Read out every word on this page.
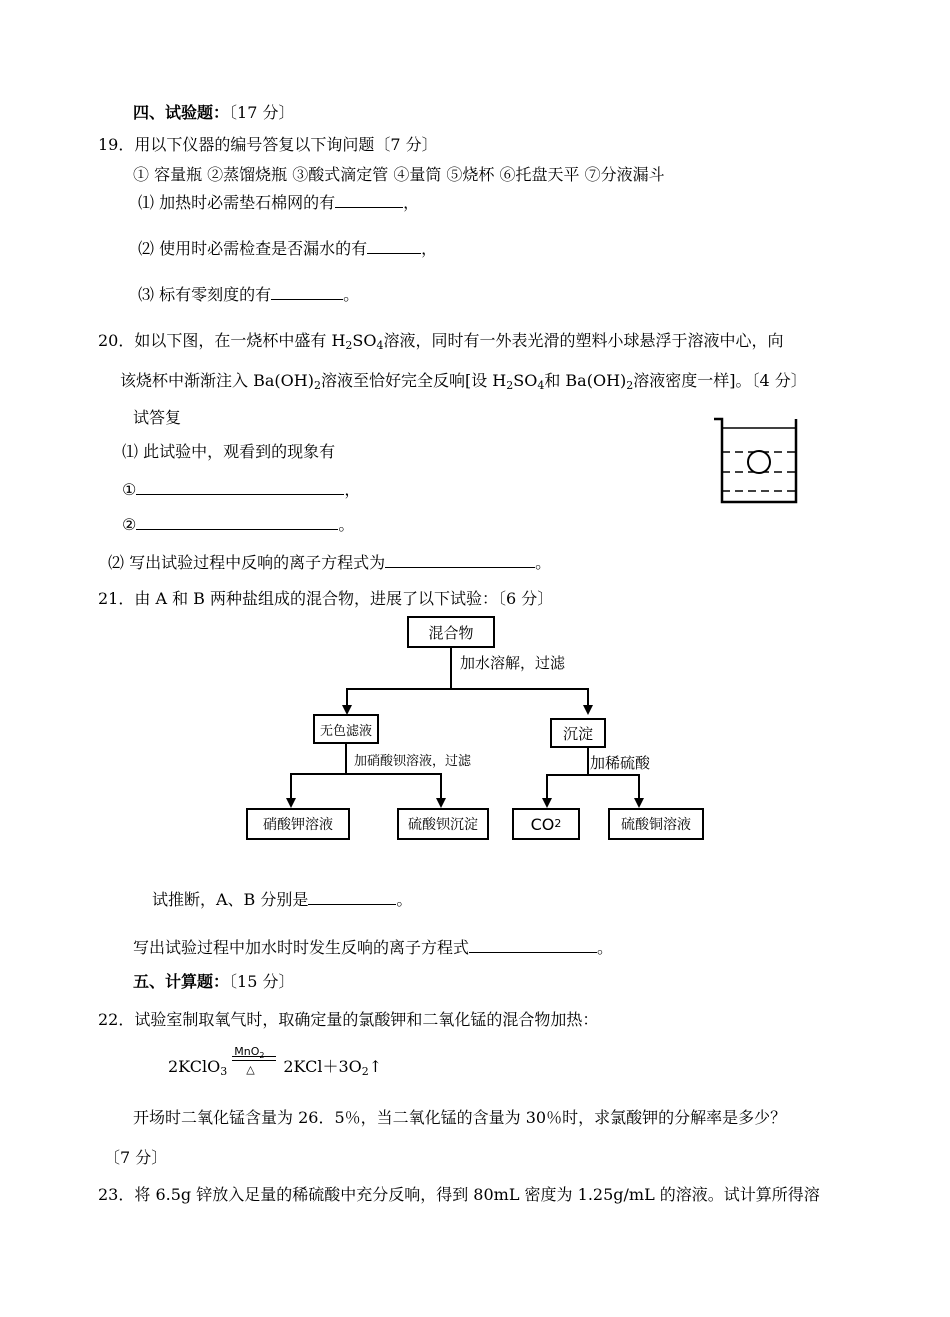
四、试验题：〔17 分〕
19．用以下仪器的编号答复以下询问题〔7 分〕
① 容量瓶 ②蒸馏烧瓶 ③酸式滴定管 ④量筒 ⑤烧杯 ⑥托盘天平 ⑦分液漏斗
⑴ 加热时必需垫石棉网的有	，
⑵ 使用时必需检查是否漏水的有	，
⑶ 标有零刻度的有	。
20．如以下图，在一烧杯中盛有 $H_2SO_4$溶液，同时有一外表光滑的塑料小球悬浮于溶液中心，向
该烧杯中渐渐注入 $Ba(OH)_2$溶液至恰好完全反响[设 $H_2SO_4$和 $Ba(OH)_2$溶液密度一样]。〔4 分〕
试答复
⑴ 此试验中，观看到的现象有
①	，
②	。
⑵ 写出试验过程中反响的离子方程式为	。
21．由 A 和 B 两种盐组成的混合物，进展了以下试验：〔6 分〕
混合物
加水溶解，过滤
无色滤液	沉淀
加硝酸钡溶液，过滤	加稀硫酸
硝酸钾溶液	硫酸钡沉淀	CO 2	硫酸铜溶液
试推断，A、B 分别是	。
写出试验过程中加水时时发生反响的离子方程式	。
五、计算题：〔15 分〕
22．试验室制取氧气时，取确定量的氯酸钾和二氧化锰的混合物加热：
2KClO$_3$
MnO$_2$
△ $2KCl+3O_2↑$
开场时二氧化锰含量为 26．5％，当二氧化锰的含量为 30％时，求氯酸钾的分解率是多少？
〔7 分〕
23．将 6.5g 锌放入足量的稀硫酸中充分反响，得到 80mL 密度为 1.25g/mL 的溶液。试计算所得溶
